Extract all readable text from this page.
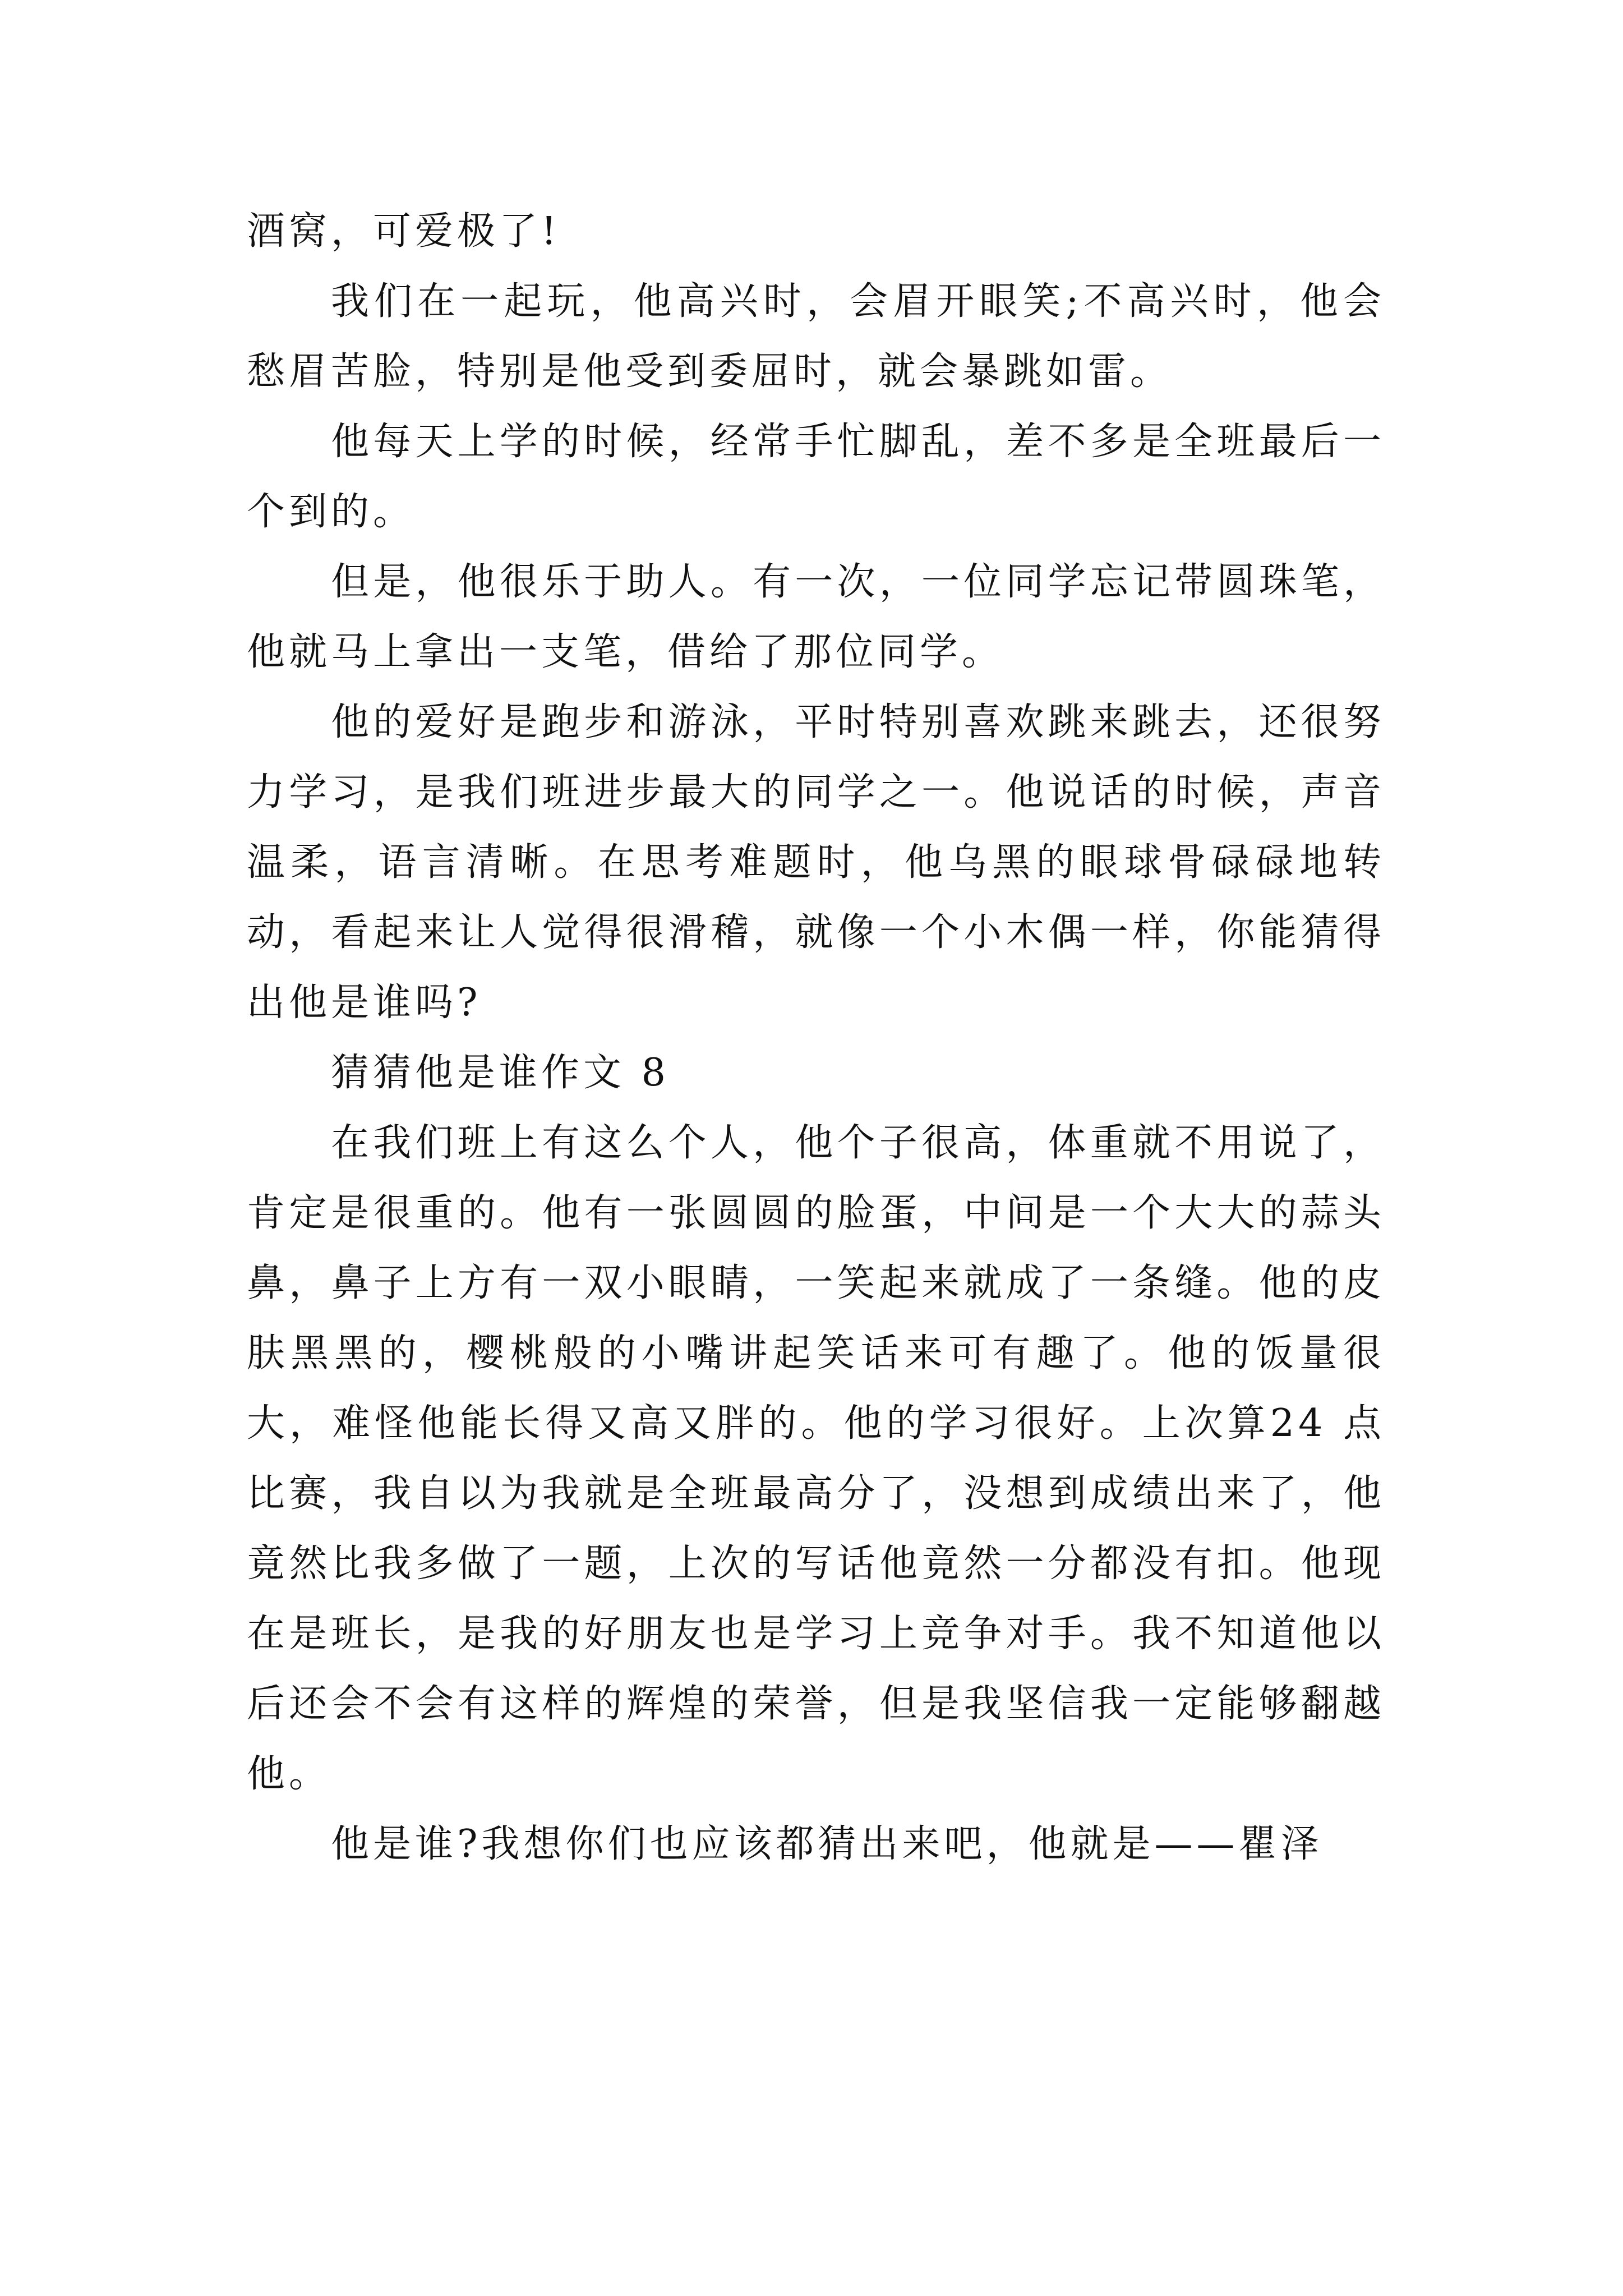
酒窝，可爱极了!

我们在一起玩，他高兴时，会眉开眼笑;不高兴时，他会愁眉苦脸，特别是他受到委屈时，就会暴跳如雷。

他每天上学的时候，经常手忙脚乱，差不多是全班最后一个到的。

但是，他很乐于助人。有一次，一位同学忘记带圆珠笔，他就马上拿出一支笔，借给了那位同学。

他的爱好是跑步和游泳，平时特别喜欢跳来跳去，还很努力学习，是我们班进步最大的同学之一。他说话的时候，声音温柔，语言清晰。在思考难题时，他乌黑的眼球骨碌碌地转动，看起来让人觉得很滑稽，就像一个小木偶一样，你能猜得出他是谁吗?

猜猜他是谁作文 8

在我们班上有这么个人，他个子很高，体重就不用说了，肯定是很重的。他有一张圆圆的脸蛋，中间是一个大大的蒜头鼻，鼻子上方有一双小眼睛，一笑起来就成了一条缝。他的皮肤黑黑的，樱桃般的小嘴讲起笑话来可有趣了。他的饭量很大，难怪他能长得又高又胖的。他的学习很好。上次算24 点比赛，我自以为我就是全班最高分了，没想到成绩出来了，他竟然比我多做了一题，上次的写话他竟然一分都没有扣。他现在是班长，是我的好朋友也是学习上竞争对手。我不知道他以后还会不会有这样的辉煌的荣誉，但是我坚信我一定能够翻越他。

他是谁?我想你们也应该都猜出来吧，他就是——瞿泽
